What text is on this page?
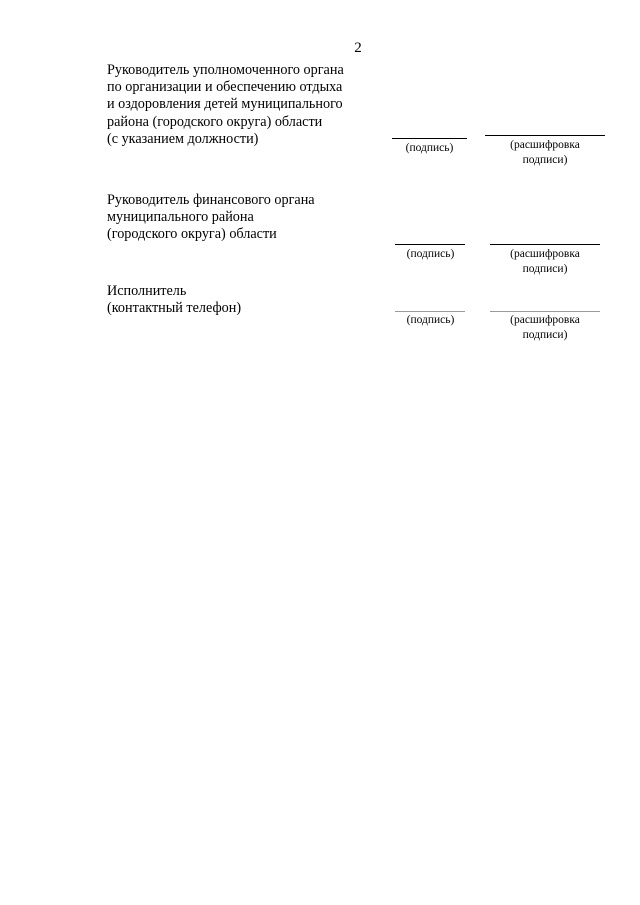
2
Руководитель уполномоченного органа
по организации и обеспечению отдыха
и оздоровления детей муниципального
района (городского округа) области
(с указанием должности)
(подпись)	(расшифровка
подписи)
Руководитель финансового органа
муниципального района
(городского округа) области
(подпись)	(расшифровка
подписи)
Исполнитель
(контактный телефон)
(подпись)	(расшифровка
подписи)
